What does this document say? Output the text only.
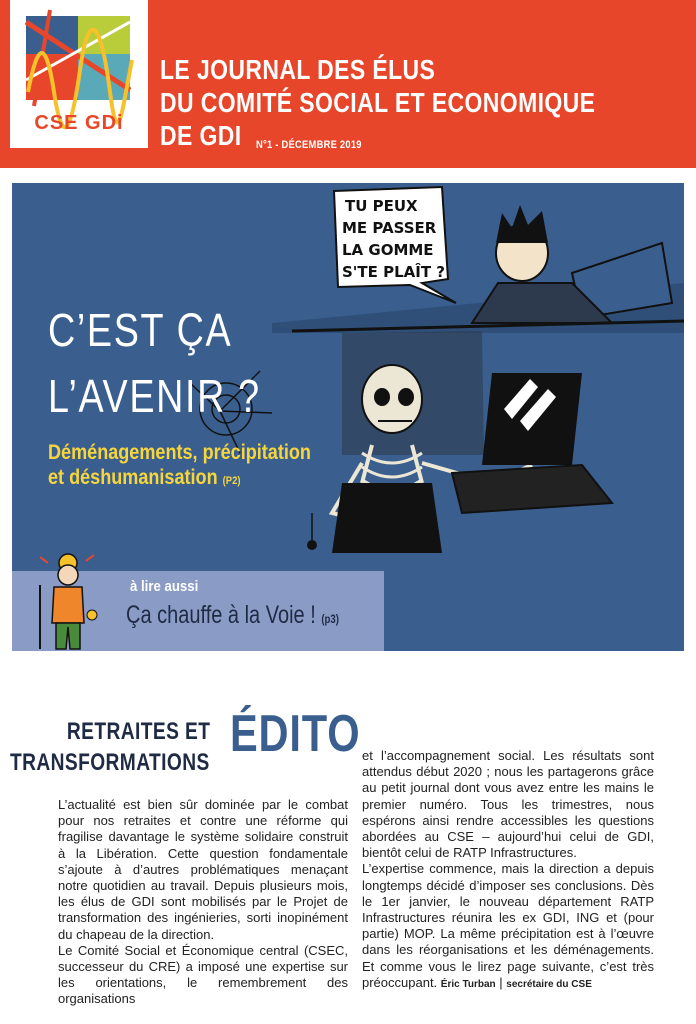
CSE GDi
LE JOURNAL DES ÉLUS
DU COMITÉ SOCIAL ET ECONOMIQUE
DE GDI N°1 - DÉCEMBRE 2019
TU PEUX
ME PASSER
LA GOMME
S'TE PLAÎT ?
C’EST ÇA
L’AVENIR ?
Déménagements, précipitation
et déshumanisation (P2)
à lire aussi
Ça chauffe à la Voie ! (p3)
RETRAITES ET
TRANSFORMATIONS ÉDITO

L’actualité est bien sûr dominée par le combat pour nos retraites et contre une réforme qui fragilise davantage le système solidaire construit à la Libération. Cette question fondamentale s’ajoute à d’autres problématiques menaçant notre quotidien au travail. Depuis plusieurs mois, les élus de GDI sont mobilisés par le Projet de transformation des ingénieries, sorti inopinément du chapeau de la direction.

Le Comité Social et Économique central (CSEC, successeur du CRE) a imposé une expertise sur les orientations, le remembrement des organisations

et l’accompagnement social. Les résultats sont attendus début 2020 ; nous les partagerons grâce au petit journal dont vous avez entre les mains le premier numéro. Tous les trimestres, nous espérons ainsi rendre accessibles les questions abordées au CSE – aujourd’hui celui de GDI, bientôt celui de RATP Infrastructures.

L’expertise commence, mais la direction a depuis longtemps décidé d’imposer ses conclusions. Dès le 1er janvier, le nouveau département RATP Infrastructures réunira les ex GDI, ING et (pour partie) MOP. La même précipitation est à l’œuvre dans les réorganisations et les déménagements. Et comme vous le lirez page suivante, c’est très préoccupant. Éric Turban | secrétaire du CSE
